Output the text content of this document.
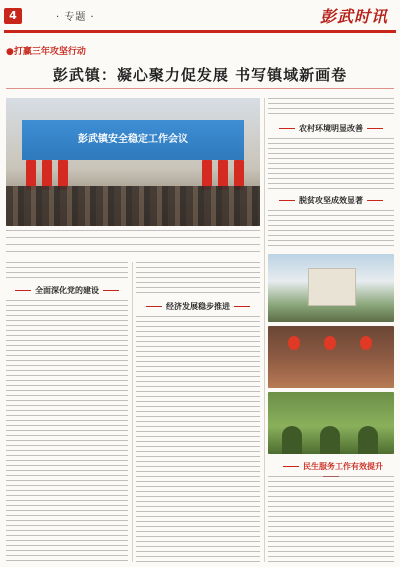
4	· 专题 ·	彭武时讯
●打赢三年攻坚行动
彭武镇：凝心聚力促发展 书写镇域新画卷
彭武镇安全稳定工作会议
全面深化党的建设
经济发展稳步推进
农村环境明显改善
脱贫攻坚成效显著
民生服务工作有效提升
